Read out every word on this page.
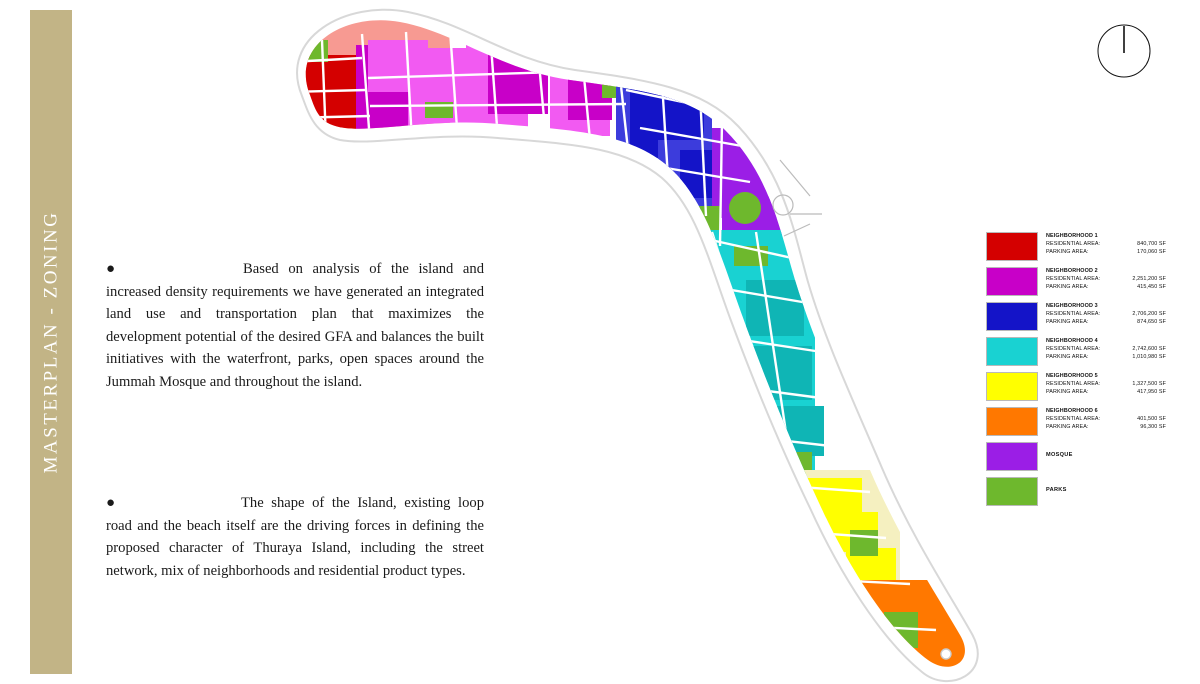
MASTERPLAN - ZONING	●	Based on analysis of the island and increased density requirements we have generated an integrated land use and transportation plan that maximizes the development potential of the desired GFA and balances the built initiatives with the waterfront, parks, open spaces around the Jummah Mosque and throughout the island.
●	The shape of the Island, existing loop road and the beach itself are the driving forces in defining the proposed character of Thuraya Island, including the street network, mix of neighborhoods and residential product types.
NEIGHBORHOOD 1
RESIDENTIAL AREA:	840,700 SF
PARKING AREA:	170,060 SF
NEIGHBORHOOD 2
RESIDENTIAL AREA:	2,251,200 SF
PARKING AREA:	415,450 SF
NEIGHBORHOOD 3
RESIDENTIAL AREA:	2,706,200 SF
PARKING AREA:	874,650 SF
NEIGHBORHOOD 4
RESIDENTIAL AREA:	2,742,600 SF
PARKING AREA:	1,010,980 SF
NEIGHBORHOOD 5
RESIDENTIAL AREA:	1,327,500 SF
PARKING AREA:	417,950 SF
NEIGHBORHOOD 6
RESIDENTIAL AREA:	401,500 SF
PARKING AREA:	96,300 SF
MOSQUE
PARKS
